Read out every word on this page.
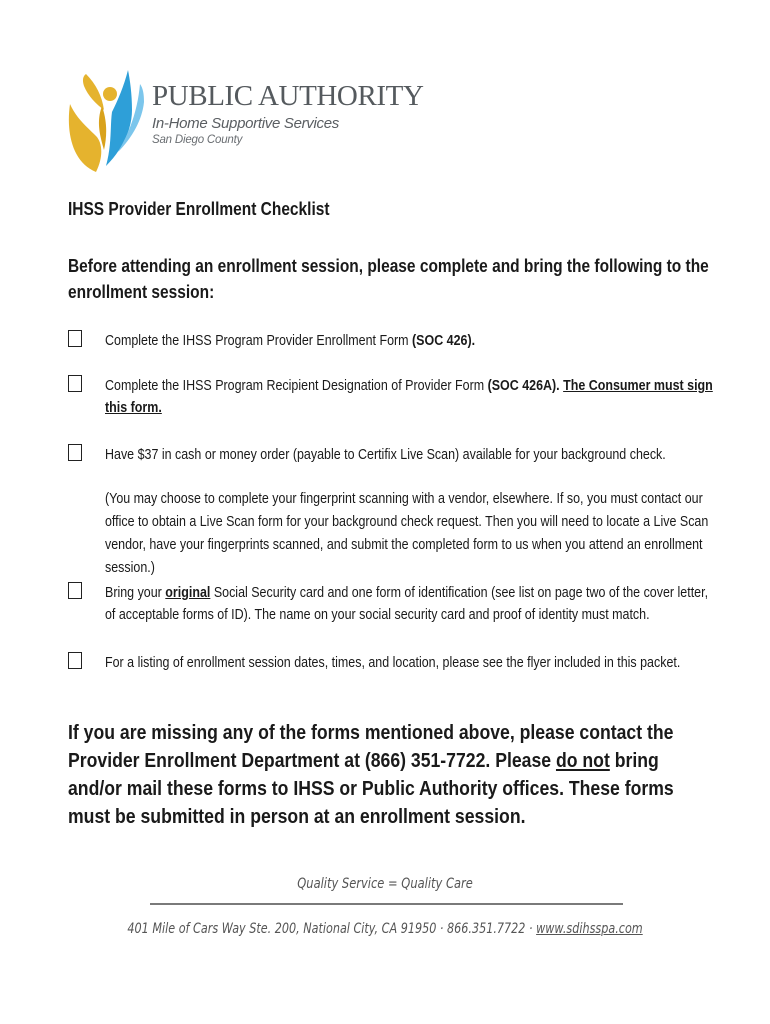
PUBLIC AUTHORITY
In-Home Supportive Services
San Diego County
IHSS Provider Enrollment Checklist
Before attending an enrollment session, please complete and bring the following to the enrollment session:
Complete the IHSS Program Provider Enrollment Form (SOC 426).
Complete the IHSS Program Recipient Designation of Provider Form (SOC 426A). The Consumer must sign this form.
Have $37 in cash or money order (payable to Certifix Live Scan) available for your background check.
(You may choose to complete your fingerprint scanning with a vendor, elsewhere. If so, you must contact our office to obtain a Live Scan form for your background check request. Then you will need to locate a Live Scan vendor, have your fingerprints scanned, and submit the completed form to us when you attend an enrollment session.)
Bring your original Social Security card and one form of identification (see list on page two of the cover letter, of acceptable forms of ID). The name on your social security card and proof of identity must match.
For a listing of enrollment session dates, times, and location, please see the flyer included in this packet.
If you are missing any of the forms mentioned above, please contact the Provider Enrollment Department at (866) 351-7722. Please do not bring and/or mail these forms to IHSS or Public Authority offices. These forms must be submitted in person at an enrollment session.
Quality Service = Quality Care
401 Mile of Cars Way Ste. 200, National City, CA 91950 · 866.351.7722 · www.sdihsspa.com
